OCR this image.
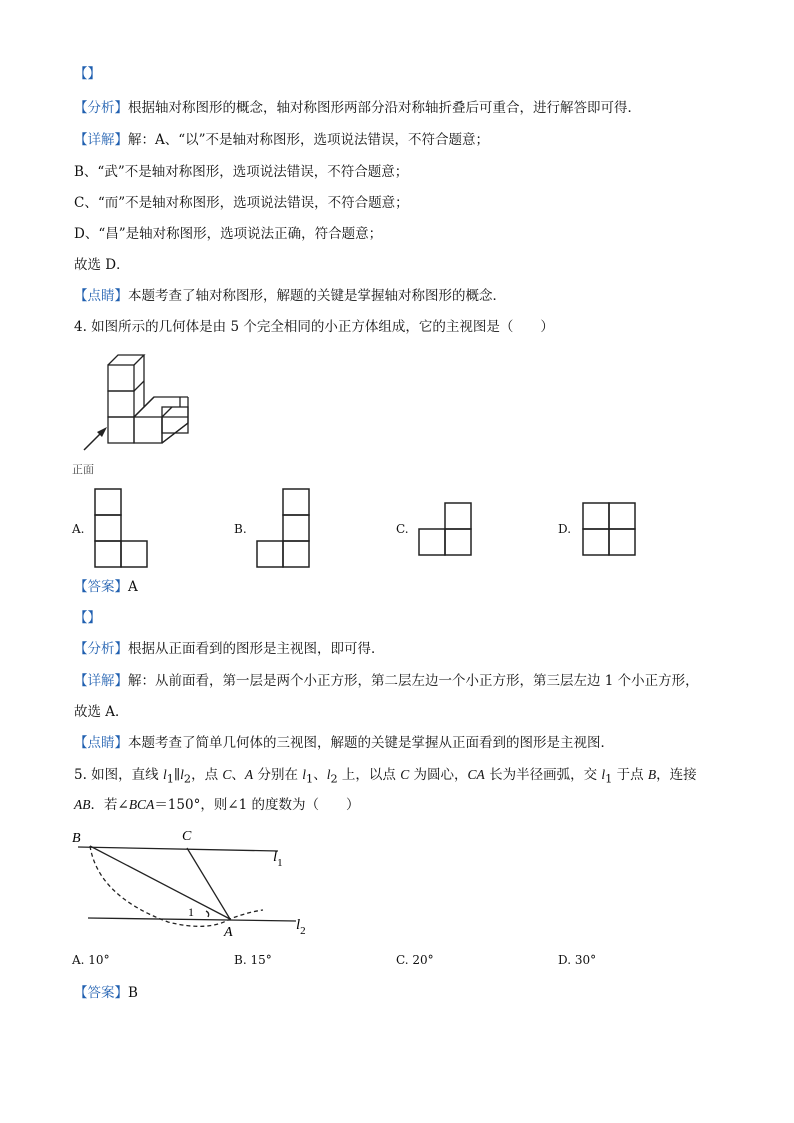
【】
【分析】根据轴对称图形的概念，轴对称图形两部分沿对称轴折叠后可重合，进行解答即可得．
【详解】解：A、“以”不是轴对称图形，选项说法错误，不符合题意；
B、“武”不是轴对称图形，选项说法错误，不符合题意；
C、“而”不是轴对称图形，选项说法错误，不符合题意；
D、“昌”是轴对称图形，选项说法正确，符合题意；
故选 D．
【点睛】本题考查了轴对称图形，解题的关键是掌握轴对称图形的概念．
4. 如图所示的几何体是由 5 个完全相同的小正方体组成，它的主视图是（　　）
正面
A.	B.	C.	D.
【答案】A
【】
【分析】根据从正面看到的图形是主视图，即可得．
【详解】解：从前面看，第一层是两个小正方形，第二层左边一个小正方形，第三层左边 1 个小正方形，
故选 A．
【点睛】本题考查了简单几何体的三视图，解题的关键是掌握从正面看到的图形是主视图．
5. 如图，直线 $l_1\parallel l_2$，点 C、A 分别在 $l_1$、$l_2$ 上，以点 C 为圆心，CA 长为半径画弧，交 $l_1$ 于点 B，连接
AB．若∠BCA＝150°，则∠1 的度数为（　　）
B	C
A
1
$l_1$
$l_2$
A. 10°	B. 15°	C. 20°	D. 30°
【答案】B
